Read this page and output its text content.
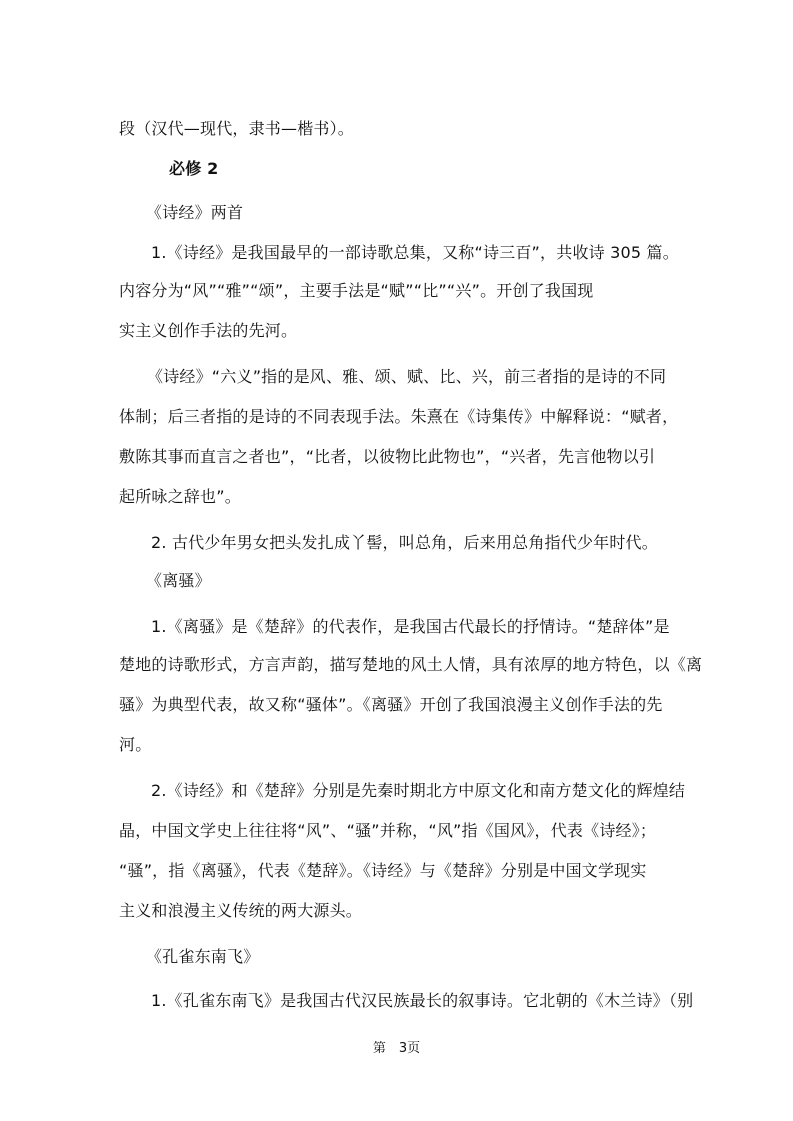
段（汉代—现代，隶书—楷书）。
必修 2
《诗经》两首
1.《诗经》是我国最早的一部诗歌总集，又称“诗三百”，共收诗 305 篇。
内容分为“风”“雅”“颂”，主要手法是“赋”“比”“兴”。开创了我国现
实主义创作手法的先河。
《诗经》“六义”指的是风、雅、颂、赋、比、兴，前三者指的是诗的不同
体制；后三者指的是诗的不同表现手法。朱熹在《诗集传》中解释说：“赋者，
敷陈其事而直言之者也”，“比者，以彼物比此物也”，“兴者，先言他物以引
起所咏之辞也”。
2. 古代少年男女把头发扎成丫髻，叫总角，后来用总角指代少年时代。
《离骚》
1.《离骚》是《楚辞》的代表作，是我国古代最长的抒情诗。“楚辞体”是
楚地的诗歌形式，方言声韵，描写楚地的风土人情，具有浓厚的地方特色，以《离
骚》为典型代表，故又称“骚体”。《离骚》开创了我国浪漫主义创作手法的先
河。
2.《诗经》和《楚辞》分别是先秦时期北方中原文化和南方楚文化的辉煌结
晶，中国文学史上往往将“风”、“骚”并称，“风”指《国风》，代表《诗经》；
“骚”，指《离骚》，代表《楚辞》。《诗经》与《楚辞》分别是中国文学现实
主义和浪漫主义传统的两大源头。
《孔雀东南飞》
1.《孔雀东南飞》是我国古代汉民族最长的叙事诗。它北朝的《木兰诗》（别
第　3页
